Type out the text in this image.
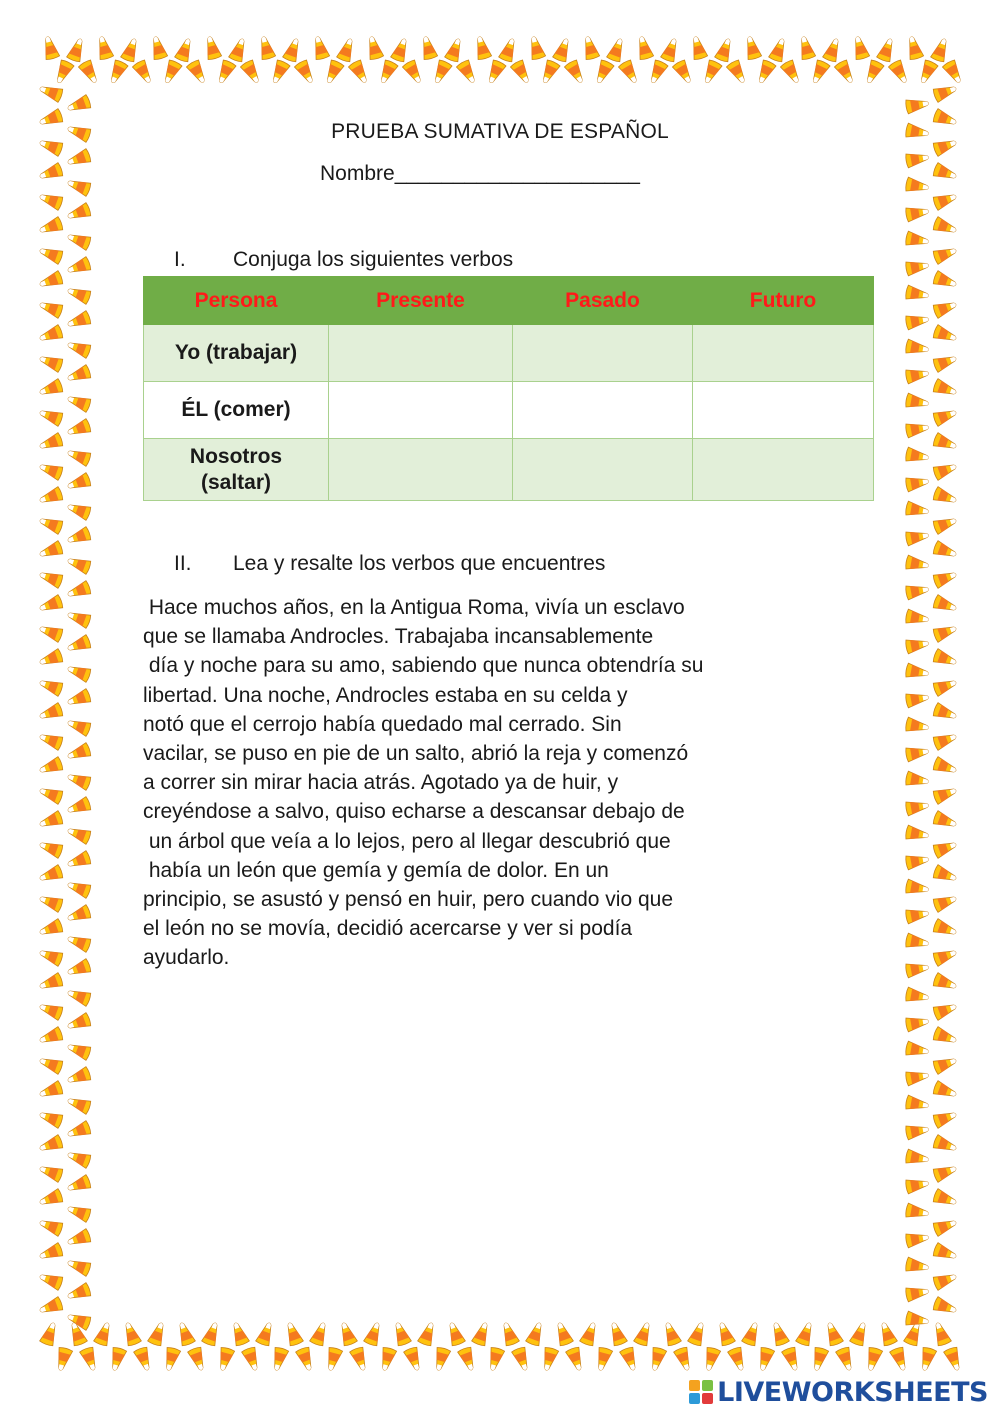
PRUEBA SUMATIVA DE ESPAÑOL
Nombre_____________________
I. Conjuga los siguientes verbos
Persona	Presente	Pasado	Futuro
Yo (trabajar)			
ÉL (comer)			
Nosotros (saltar)			
II. Lea y resalte los verbos que encuentres
Hace muchos años, en la Antigua Roma, vivía un esclavo
que se llamaba Androcles. Trabajaba incansablemente
día y noche para su amo, sabiendo que nunca obtendría su
libertad. Una noche, Androcles estaba en su celda y
notó que el cerrojo había quedado mal cerrado. Sin
vacilar, se puso en pie de un salto, abrió la reja y comenzó
a correr sin mirar hacia atrás. Agotado ya de huir, y
creyéndose a salvo, quiso echarse a descansar debajo de
un árbol que veía a lo lejos, pero al llegar descubrió que
había un león que gemía y gemía de dolor. En un
principio, se asustó y pensó en huir, pero cuando vio que
el león no se movía, decidió acercarse y ver si podía
ayudarlo.
LIVEWORKSHEETS
